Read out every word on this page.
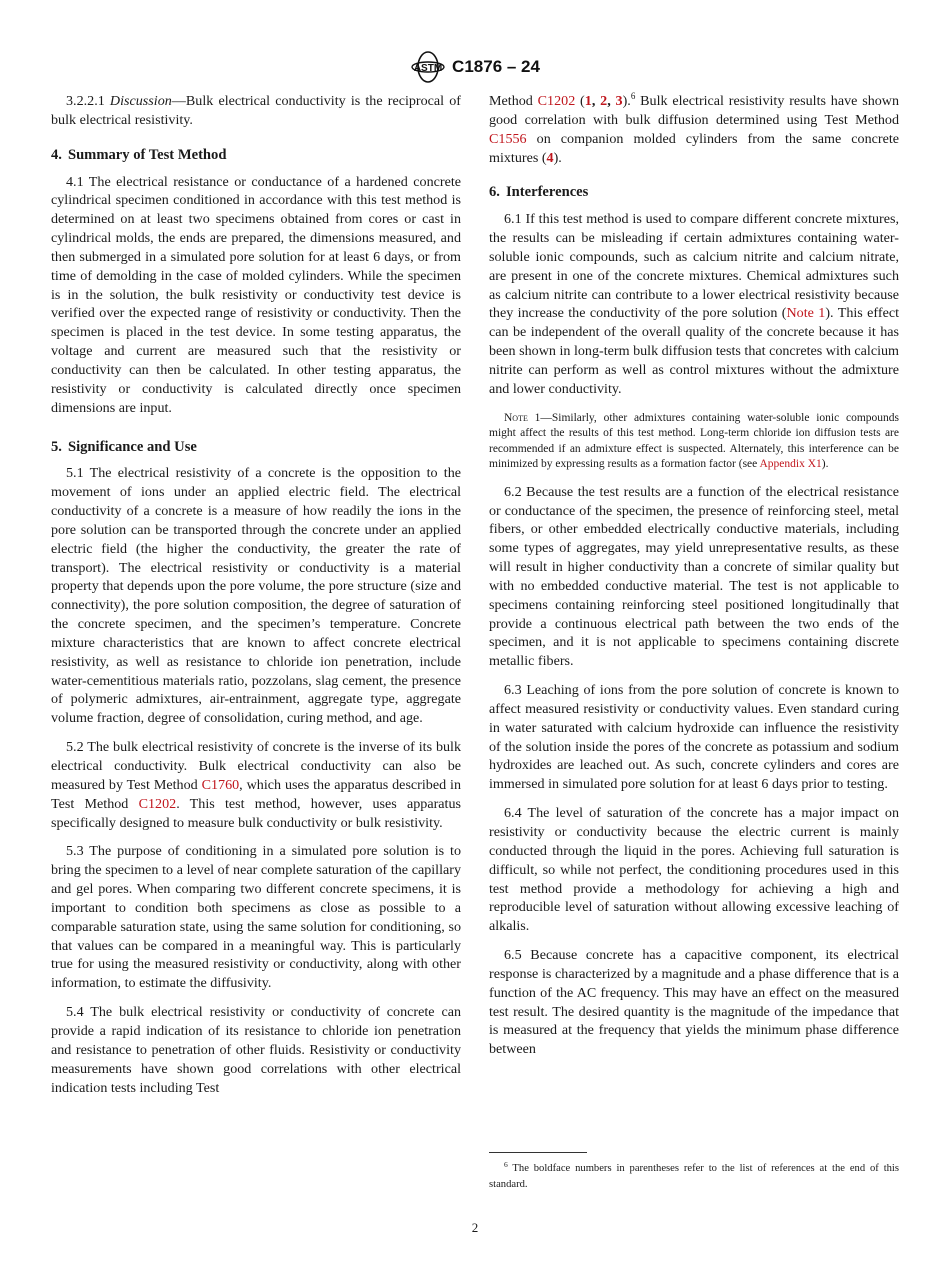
ASTM C1876 – 24

3.2.2.1 Discussion—Bulk electrical conductivity is the reciprocal of bulk electrical resistivity.

4. Summary of Test Method

4.1 The electrical resistance or conductance of a hardened concrete cylindrical specimen conditioned in accordance with this test method is determined on at least two specimens obtained from cores or cast in cylindrical molds, the ends are prepared, the dimensions measured, and then submerged in a simulated pore solution for at least 6 days, or from time of demolding in the case of molded cylinders. While the specimen is in the solution, the bulk resistivity or conductivity test device is verified over the expected range of resistivity or conductivity. Then the specimen is placed in the test device. In some testing apparatus, the voltage and current are measured such that the resistivity or conductivity can then be calculated. In other testing apparatus, the resistivity or conductivity is calculated directly once specimen dimensions are input.

5. Significance and Use

5.1 The electrical resistivity of a concrete is the opposition to the movement of ions under an applied electric field. The electrical conductivity of a concrete is a measure of how readily the ions in the pore solution can be transported through the concrete under an applied electric field (the higher the conductivity, the greater the rate of transport). The electrical resistivity or conductivity is a material property that depends upon the pore volume, the pore structure (size and connectivity), the pore solution composition, the degree of saturation of the concrete specimen, and the specimen’s temperature. Concrete mixture characteristics that are known to affect concrete electrical resistivity, as well as resistance to chloride ion penetration, include water-cementitious materials ratio, pozzolans, slag cement, the presence of polymeric admixtures, air-entrainment, aggregate type, aggregate volume fraction, degree of consolidation, curing method, and age.

5.2 The bulk electrical resistivity of concrete is the inverse of its bulk electrical conductivity. Bulk electrical conductivity can also be measured by Test Method C1760, which uses the apparatus described in Test Method C1202. This test method, however, uses apparatus specifically designed to measure bulk conductivity or bulk resistivity.

5.3 The purpose of conditioning in a simulated pore solution is to bring the specimen to a level of near complete saturation of the capillary and gel pores. When comparing two different concrete specimens, it is important to condition both specimens as close as possible to a comparable saturation state, using the same solution for conditioning, so that values can be compared in a meaningful way. This is particularly true for using the measured resistivity or conductivity, along with other information, to estimate the diffusivity.

5.4 The bulk electrical resistivity or conductivity of concrete can provide a rapid indication of its resistance to chloride ion penetration and resistance to penetration of other fluids. Resistivity or conductivity measurements have shown good correlations with other electrical indication tests including Test

Method C1202 (1, 2, 3).$^6$ Bulk electrical resistivity results have shown good correlation with bulk diffusion determined using Test Method C1556 on companion molded cylinders from the same concrete mixtures (4).

6. Interferences

6.1 If this test method is used to compare different concrete mixtures, the results can be misleading if certain admixtures containing water-soluble ionic compounds, such as calcium nitrite and calcium nitrate, are present in one of the concrete mixtures. Chemical admixtures such as calcium nitrite can contribute to a lower electrical resistivity because they increase the conductivity of the pore solution (Note 1). This effect can be independent of the overall quality of the concrete because it has been shown in long-term bulk diffusion tests that concretes with calcium nitrite can perform as well as control mixtures without the admixture and lower conductivity.

Note 1—Similarly, other admixtures containing water-soluble ionic compounds might affect the results of this test method. Long-term chloride ion diffusion tests are recommended if an admixture effect is suspected. Alternately, this interference can be minimized by expressing results as a formation factor (see Appendix X1).

6.2 Because the test results are a function of the electrical resistance or conductance of the specimen, the presence of reinforcing steel, metal fibers, or other embedded electrically conductive materials, including some types of aggregates, may yield unrepresentative results, as these will result in higher conductivity than a concrete of similar quality but with no embedded conductive material. The test is not applicable to specimens containing reinforcing steel positioned longitudinally that provide a continuous electrical path between the two ends of the specimen, and it is not applicable to specimens containing discrete metallic fibers.

6.3 Leaching of ions from the pore solution of concrete is known to affect measured resistivity or conductivity values. Even standard curing in water saturated with calcium hydroxide can influence the resistivity of the solution inside the pores of the concrete as potassium and sodium hydroxides are leached out. As such, concrete cylinders and cores are immersed in simulated pore solution for at least 6 days prior to testing.

6.4 The level of saturation of the concrete has a major impact on resistivity or conductivity because the electric current is mainly conducted through the liquid in the pores. Achieving full saturation is difficult, so while not perfect, the conditioning procedures used in this test method provide a methodology for achieving a high and reproducible level of saturation without allowing excessive leaching of alkalis.

6.5 Because concrete has a capacitive component, its electrical response is characterized by a magnitude and a phase difference that is a function of the AC frequency. This may have an effect on the measured test result. The desired quantity is the magnitude of the impedance that is measured at the frequency that yields the minimum phase difference between

$^6$ The boldface numbers in parentheses refer to the list of references at the end of this standard.
2
